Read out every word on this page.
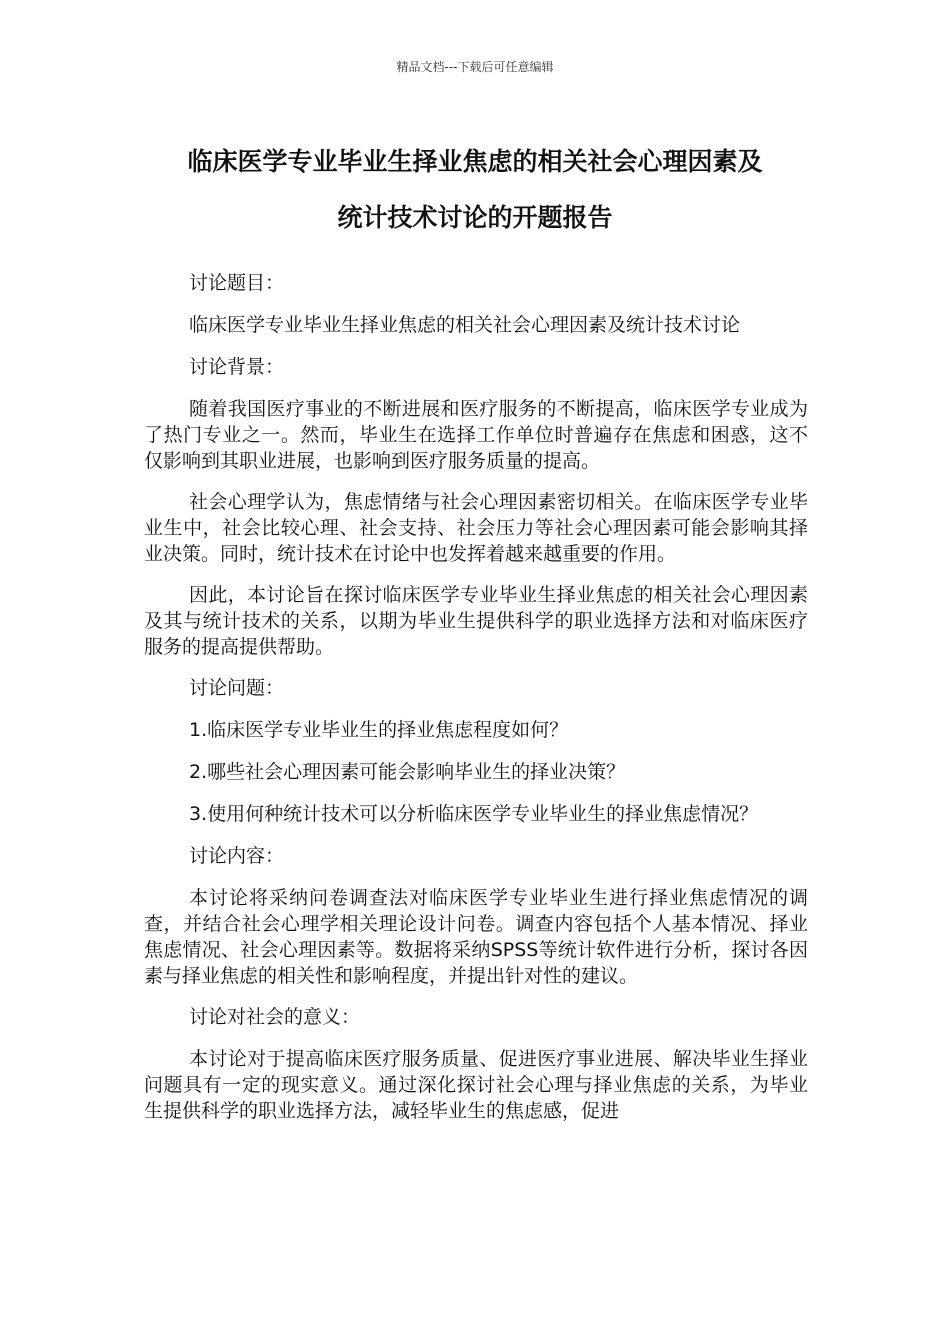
精品文档---下载后可任意编辑
临床医学专业毕业生择业焦虑的相关社会心理因素及
统计技术讨论的开题报告

讨论题目：

临床医学专业毕业生择业焦虑的相关社会心理因素及统计技术讨论

讨论背景：

随着我国医疗事业的不断进展和医疗服务的不断提高，临床医学专业成为了热门专业之一。然而，毕业生在选择工作单位时普遍存在焦虑和困惑，这不仅影响到其职业进展，也影响到医疗服务质量的提高。

社会心理学认为，焦虑情绪与社会心理因素密切相关。在临床医学专业毕业生中，社会比较心理、社会支持、社会压力等社会心理因素可能会影响其择业决策。同时，统计技术在讨论中也发挥着越来越重要的作用。

因此，本讨论旨在探讨临床医学专业毕业生择业焦虑的相关社会心理因素及其与统计技术的关系，以期为毕业生提供科学的职业选择方法和对临床医疗服务的提高提供帮助。

讨论问题：

1.临床医学专业毕业生的择业焦虑程度如何？

2.哪些社会心理因素可能会影响毕业生的择业决策？

3.使用何种统计技术可以分析临床医学专业毕业生的择业焦虑情况？

讨论内容：

本讨论将采纳问卷调查法对临床医学专业毕业生进行择业焦虑情况的调查，并结合社会心理学相关理论设计问卷。调查内容包括个人基本情况、择业焦虑情况、社会心理因素等。数据将采纳SPSS等统计软件进行分析，探讨各因素与择业焦虑的相关性和影响程度，并提出针对性的建议。

讨论对社会的意义：

本讨论对于提高临床医疗服务质量、促进医疗事业进展、解决毕业生择业问题具有一定的现实意义。通过深化探讨社会心理与择业焦虑的关系，为毕业生提供科学的职业选择方法，减轻毕业生的焦虑感，促进
